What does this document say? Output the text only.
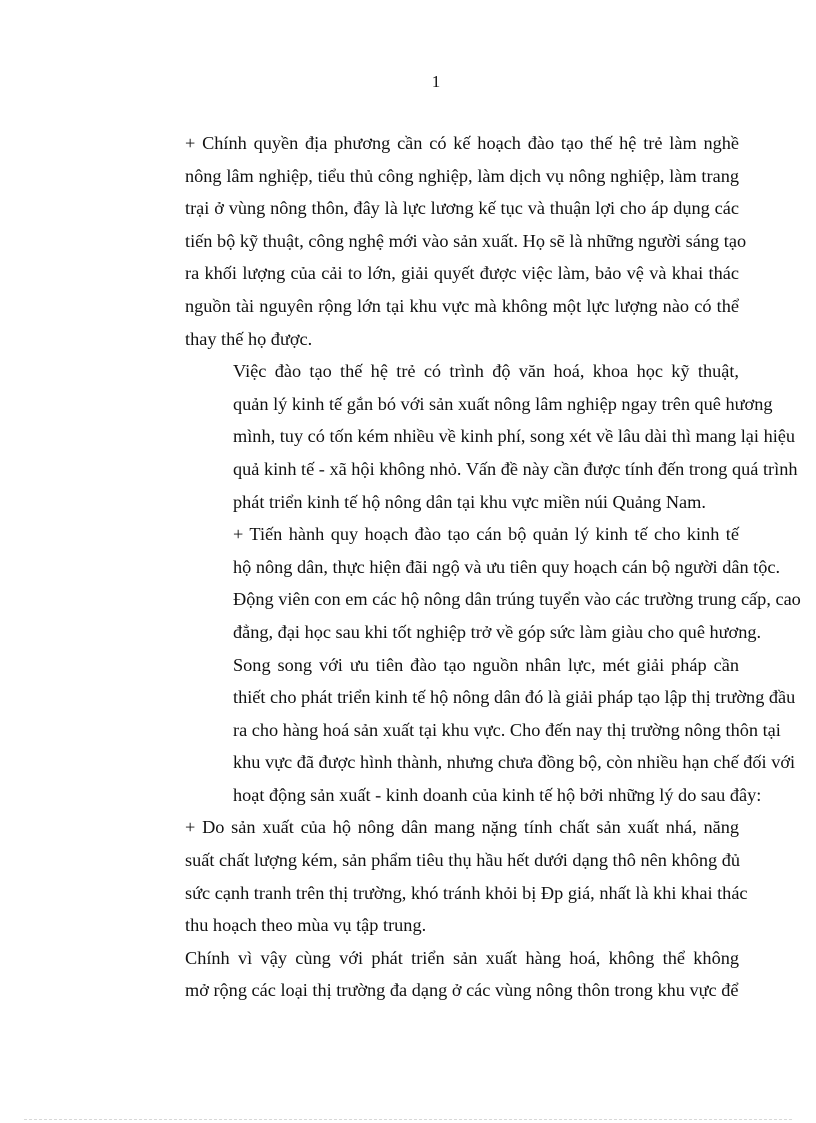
1

+ Chính quyền địa phương cần có kế hoạch đào tạo thế hệ trẻ làm nghề
nông lâm nghiệp, tiểu thủ công nghiệp, làm dịch vụ nông nghiệp, làm trang
trại ở vùng nông thôn, đây là lực lương kế tục và thuận lợi cho áp dụng các
tiến bộ kỹ thuật, công nghệ mới vào sản xuất. Họ sẽ là những người sáng tạo
ra khối lượng của cải to lớn, giải quyết được việc làm, bảo vệ và khai thác
nguồn tài nguyên rộng lớn tại khu vực mà không một lực lượng nào có thể
thay thế họ được.

Việc đào tạo thế hệ trẻ có trình độ văn hoá, khoa học kỹ thuật,
quản lý kinh tế gắn bó với sản xuất nông lâm nghiệp ngay trên quê hương
mình, tuy có tốn kém nhiều về kinh phí, song xét về lâu dài thì mang lại hiệu
quả kinh tế - xã hội không nhỏ. Vấn đề này cần được tính đến trong quá trình
phát triển kinh tế hộ nông dân tại khu vực miền núi Quảng Nam.

+ Tiến hành quy hoạch đào tạo cán bộ quản lý kinh tế cho kinh tế
hộ nông dân, thực hiện đãi ngộ và ưu tiên quy hoạch cán bộ người dân tộc.
Động viên con em các hộ nông dân trúng tuyển vào các trường trung cấp, cao
đẳng, đại học sau khi tốt nghiệp trở về góp sức làm giàu cho quê hương.

Song song với ưu tiên đào tạo nguồn nhân lực, mét giải pháp cần
thiết cho phát triển kinh tế hộ nông dân đó là giải pháp tạo lập thị trường đầu
ra cho hàng hoá sản xuất tại khu vực. Cho đến nay thị trường nông thôn tại
khu vực đã được hình thành, nhưng chưa đồng bộ, còn nhiều hạn chế đối với
hoạt động sản xuất - kinh doanh của kinh tế hộ bởi những lý do sau đây:

+ Do sản xuất của hộ nông dân mang nặng tính chất sản xuất nhá, năng
suất chất lượng kém, sản phẩm tiêu thụ hầu hết dưới dạng thô nên không đủ
sức cạnh tranh trên thị trường, khó tránh khỏi bị Ðp giá, nhất là khi khai thác
thu hoạch theo mùa vụ tập trung.

Chính vì vậy cùng với phát triển sản xuất hàng hoá, không thể không
mở rộng các loại thị trường đa dạng ở các vùng nông thôn trong khu vực để
